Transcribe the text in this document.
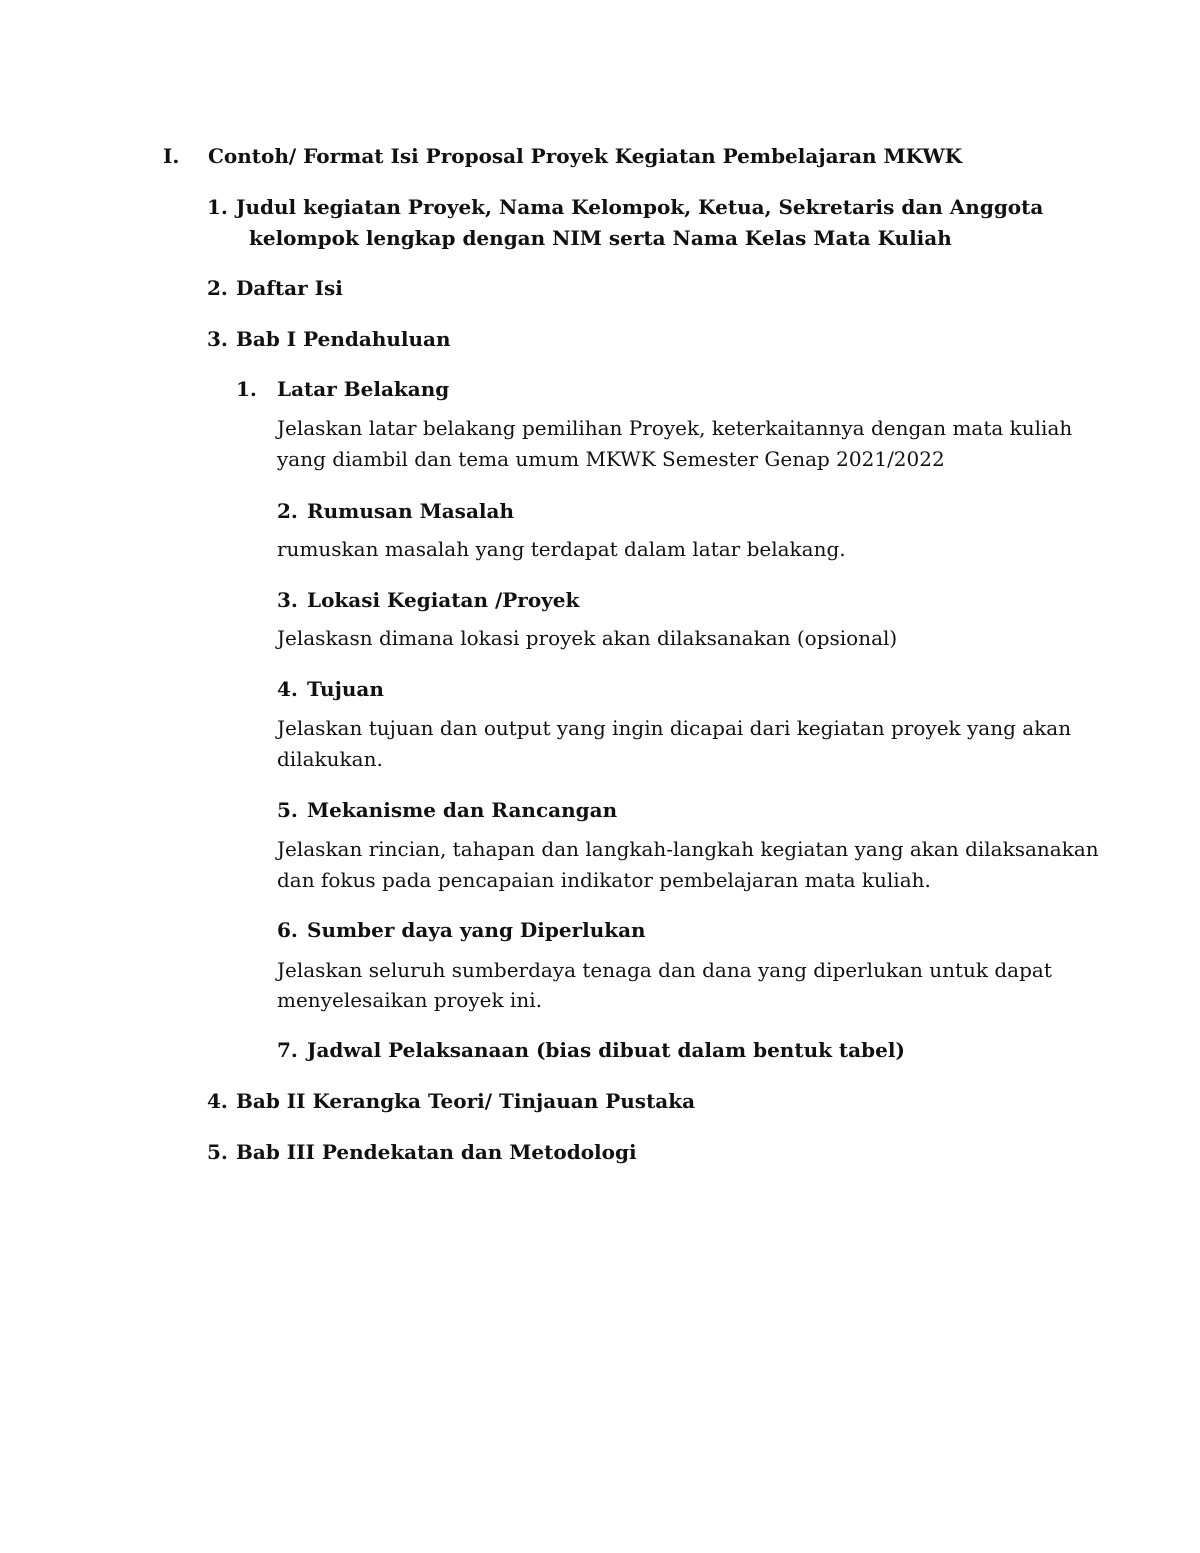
I. Contoh/ Format Isi Proposal Proyek Kegiatan Pembelajaran MKWK
1. Judul kegiatan Proyek, Nama Kelompok, Ketua, Sekretaris dan Anggota
kelompok lengkap dengan NIM serta Nama Kelas Mata Kuliah
2. Daftar Isi
3. Bab I Pendahuluan
1. Latar Belakang
Jelaskan latar belakang pemilihan Proyek, keterkaitannya dengan mata kuliah
yang diambil dan tema umum MKWK Semester Genap 2021/2022
2. Rumusan Masalah
rumuskan masalah yang terdapat dalam latar belakang.
3. Lokasi Kegiatan /Proyek
Jelaskasn dimana lokasi proyek akan dilaksanakan (opsional)
4. Tujuan
Jelaskan tujuan dan output yang ingin dicapai dari kegiatan proyek yang akan
dilakukan.
5. Mekanisme dan Rancangan
Jelaskan rincian, tahapan dan langkah-langkah kegiatan yang akan dilaksanakan
dan fokus pada pencapaian indikator pembelajaran mata kuliah.
6. Sumber daya yang Diperlukan
Jelaskan seluruh sumberdaya tenaga dan dana yang diperlukan untuk dapat
menyelesaikan proyek ini.
7. Jadwal Pelaksanaan (bias dibuat dalam bentuk tabel)
4. Bab II Kerangka Teori/ Tinjauan Pustaka
5. Bab III Pendekatan dan Metodologi
